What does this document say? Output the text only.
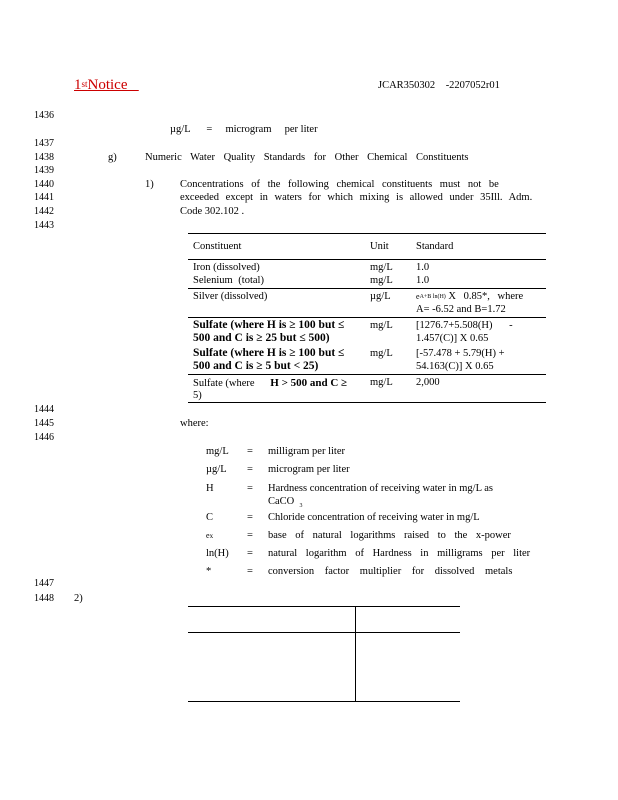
1stNotice	JCAR350302 -2207052r01
1436
1437
1438
1439
1440
1441
1442
1443
1444
1445
1446
1447
1448
µg/L = microgram per liter
g)	Numeric Water Quality Standards for Other Chemical Constituents
1)	Concentrations of the following chemical constituents must not be
exceeded except in waters for which mixing is allowed under 35Ill. Adm.
Code 302.102 .
Constituent	Unit	Standard
Iron (dissolved)	mg/L 1.0
Selenium (total)	mg/L 1.0
Silver (dissolved)	µg/L	$e^{A+B ln(H)}$ X 0.85*, where
A= -6.52 and B=1.72
Sulfate (where H is ≥ 100 but ≤
500 and C is ≥ 25 but ≤ 500)
mg/L [1276.7+5.508(H) -
1.457(C)] X 0.65
Sulfate (where H is ≥ 100 but ≤
500 and C is ≥ 5 but < 25)
mg/L [-57.478 + 5.79(H) +
54.163(C)] X 0.65
Sulfate (where H > 500 and C ≥
5)
mg/L 2,000
where:
mg/L = milligram per liter
µg/L = microgram per liter
H	= Hardness concentration of receiving water in mg/L as
CaCO $_3$
C	= Chloride concentration of receiving water in mg/L
$e^x$	= base of natural logarithms raised to the x-power
ln(H) = natural logarithm of Hardness in milligrams per liter
*	= conversion factor multiplier for dissolved metals
2)
